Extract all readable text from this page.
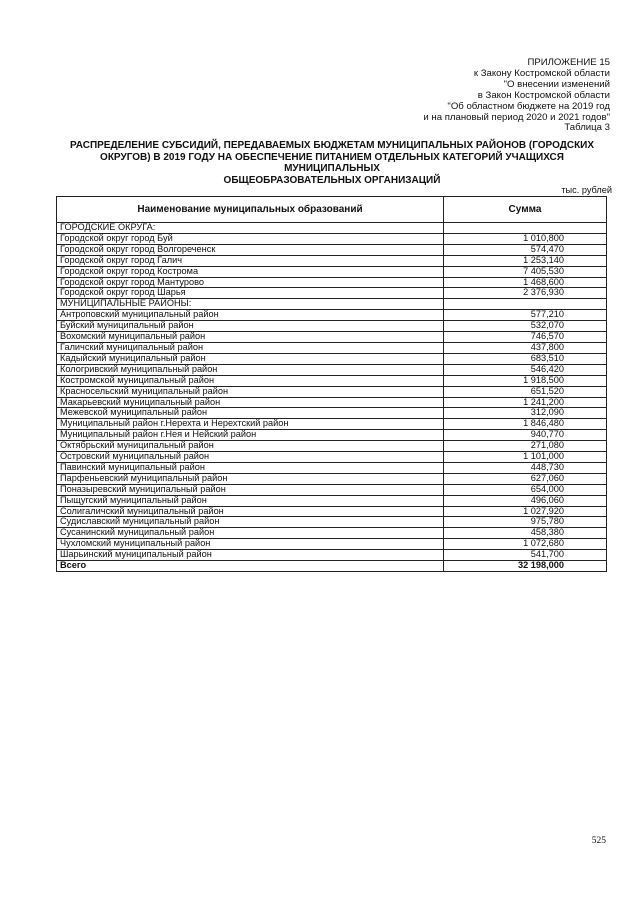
ПРИЛОЖЕНИЕ 15
к Закону Костромской области
"О внесении изменений
в Закон Костромской области
"Об областном бюджете на 2019 год
и на плановый период 2020 и 2021 годов"
Таблица 3
РАСПРЕДЕЛЕНИЕ СУБСИДИЙ, ПЕРЕДАВАЕМЫХ БЮДЖЕТАМ МУНИЦИПАЛЬНЫХ РАЙОНОВ (ГОРОДСКИХ
ОКРУГОВ) В 2019 ГОДУ НА ОБЕСПЕЧЕНИЕ ПИТАНИЕМ ОТДЕЛЬНЫХ КАТЕГОРИЙ УЧАЩИХСЯ МУНИЦИПАЛЬНЫХ
ОБЩЕОБРАЗОВАТЕЛЬНЫХ ОРГАНИЗАЦИЙ
тыс. рублей
Наименование муниципальных образований	Сумма
ГОРОДСКИЕ ОКРУГА:	
Городской округ город Буй	1 010,800
Городской округ город Волгореченск	574,470
Городской округ город Галич	1 253,140
Городской округ город Кострома	7 405,530
Городской округ город Мантурово	1 468,600
Городской округ город Шарья	2 376,930
МУНИЦИПАЛЬНЫЕ РАЙОНЫ:	
Антроповский муниципальный район	577,210
Буйский муниципальный район	532,070
Вохомский муниципальный район	746,570
Галичский муниципальный район	437,800
Кадыйский муниципальный район	683,510
Кологривский муниципальный район	546,420
Костромской муниципальный район	1 918,500
Красносельский муниципальный район	651,520
Макарьевский муниципальный район	1 241,200
Межевской муниципальный район	312,090
Муниципальный район г.Нерехта и Нерехтский район	1 846,480
Муниципальный район г.Нея и Нейский район	940,770
Октябрьский муниципальный район	271,080
Островский муниципальный район	1 101,000
Павинский муниципальный район	448,730
Парфеньевский муниципальный район	627,060
Поназыревский муниципальный район	654,000
Пыщугский муниципальный район	496,060
Солигаличский муниципальный район	1 027,920
Судиславский муниципальный район	975,780
Сусанинский муниципальный район	458,380
Чухломский муниципальный район	1 072,680
Шарьинский муниципальный район	541,700
Всего	32 198,000
525
